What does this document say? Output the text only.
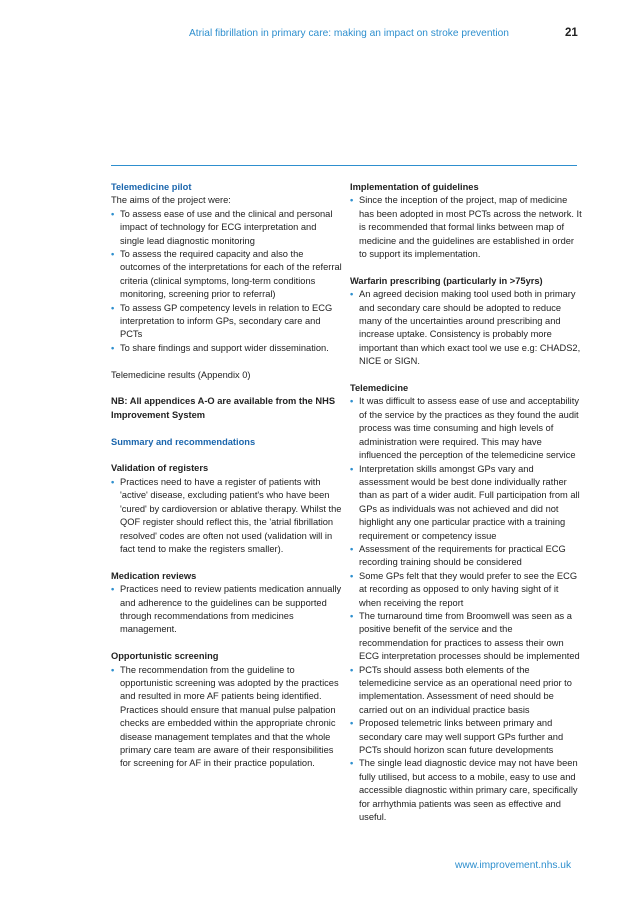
Atrial fibrillation in primary care: making an impact on stroke prevention	21

Telemedicine pilot

The aims of the project were:

• To assess ease of use and the clinical and personal impact of technology for ECG interpretation and single lead diagnostic monitoring
• To assess the required capacity and also the outcomes of the interpretations for each of the referral criteria (clinical symptoms, long-term conditions monitoring, screening prior to referral)
• To assess GP competency levels in relation to ECG interpretation to inform GPs, secondary care and PCTs
• To share findings and support wider dissemination.

Telemedicine results (Appendix 0)

NB: All appendices A-O are available from the NHS Improvement System

Summary and recommendations

Validation of registers

• Practices need to have a register of patients with 'active' disease, excluding patient's who have been 'cured' by cardioversion or ablative therapy. Whilst the QOF register should reflect this, the 'atrial fibrillation resolved' codes are often not used (validation will in fact tend to make the registers smaller).

Medication reviews

• Practices need to review patients medication annually and adherence to the guidelines can be supported through recommendations from medicines management.

Opportunistic screening

• The recommendation from the guideline to opportunistic screening was adopted by the practices and resulted in more AF patients being identified. Practices should ensure that manual pulse palpation checks are embedded within the appropriate chronic disease management templates and that the whole primary care team are aware of their responsibilities for screening for AF in their practice population.

Implementation of guidelines

• Since the inception of the project, map of medicine has been adopted in most PCTs across the network. It is recommended that formal links between map of medicine and the guidelines are established in order to support its implementation.

Warfarin prescribing (particularly in >75yrs)

• An agreed decision making tool used both in primary and secondary care should be adopted to reduce many of the uncertainties around prescribing and increase uptake. Consistency is probably more important than which exact tool we use e.g: CHADS2, NICE or SIGN.

Telemedicine

• It was difficult to assess ease of use and acceptability of the service by the practices as they found the audit process was time consuming and high levels of administration were required. This may have influenced the perception of the telemedicine service
• Interpretation skills amongst GPs vary and assessment would be best done individually rather than as part of a wider audit. Full participation from all GPs as individuals was not achieved and did not highlight any one particular practice with a training requirement or competency issue
• Assessment of the requirements for practical ECG recording training should be considered
• Some GPs felt that they would prefer to see the ECG at recording as opposed to only having sight of it when receiving the report
• The turnaround time from Broomwell was seen as a positive benefit of the service and the recommendation for practices to assess their own ECG interpretation processes should be implemented
• PCTs should assess both elements of the telemedicine service as an operational need prior to implementation. Assessment of need should be carried out on an individual practice basis
• Proposed telemetric links between primary and secondary care may well support GPs further and PCTs should horizon scan future developments
• The single lead diagnostic device may not have been fully utilised, but access to a mobile, easy to use and accessible diagnostic within primary care, specifically for arrhythmia patients was seen as effective and useful.
www.improvement.nhs.uk
